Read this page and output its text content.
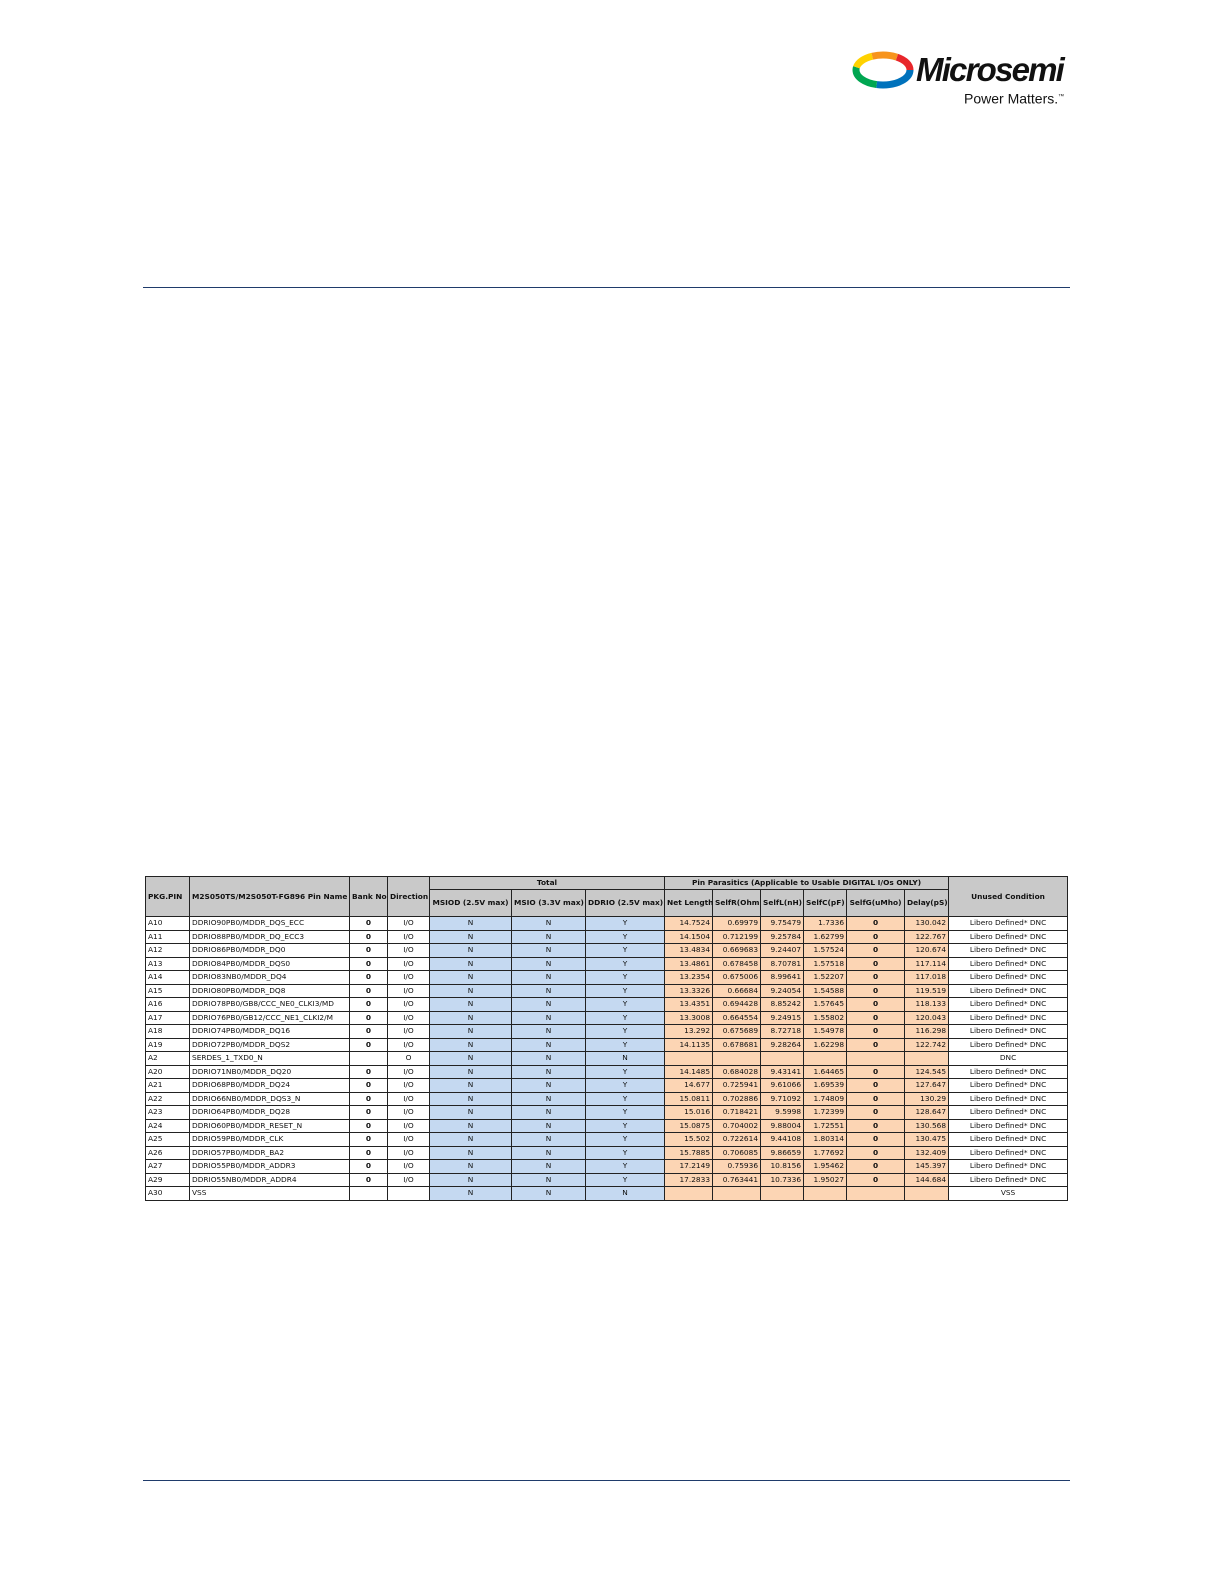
Microsemi
Power Matters.™
PKG.PIN	M2S050TS/M2S050T-FG896 Pin Name	Bank No	Direction	Total			Pin Parasitics (Applicable to Usable DIGITAL I/Os ONLY)						Unused Condition
				MSIOD (2.5V max)	MSIO (3.3V max)	DDRIO (2.5V max)	Net Length	SelfR(Ohm	SelfL(nH)	SelfC(pF)	SelfG(uMho)	Delay(pS)	
A10	DDRIO90PB0/MDDR_DQS_ECC	0	I/O	N	N	Y	14.7524	0.69979	9.75479	1.7336	0	130.042	Libero Defined* DNC
A11	DDRIO88PB0/MDDR_DQ_ECC3	0	I/O	N	N	Y	14.1504	0.712199	9.25784	1.62799	0	122.767	Libero Defined* DNC
A12	DDRIO86PB0/MDDR_DQ0	0	I/O	N	N	Y	13.4834	0.669683	9.24407	1.57524	0	120.674	Libero Defined* DNC
A13	DDRIO84PB0/MDDR_DQS0	0	I/O	N	N	Y	13.4861	0.678458	8.70781	1.57518	0	117.114	Libero Defined* DNC
A14	DDRIO83NB0/MDDR_DQ4	0	I/O	N	N	Y	13.2354	0.675006	8.99641	1.52207	0	117.018	Libero Defined* DNC
A15	DDRIO80PB0/MDDR_DQ8	0	I/O	N	N	Y	13.3326	0.66684	9.24054	1.54588	0	119.519	Libero Defined* DNC
A16	DDRIO78PB0/GB8/CCC_NE0_CLKI3/MD	0	I/O	N	N	Y	13.4351	0.694428	8.85242	1.57645	0	118.133	Libero Defined* DNC
A17	DDRIO76PB0/GB12/CCC_NE1_CLKI2/M	0	I/O	N	N	Y	13.3008	0.664554	9.24915	1.55802	0	120.043	Libero Defined* DNC
A18	DDRIO74PB0/MDDR_DQ16	0	I/O	N	N	Y	13.292	0.675689	8.72718	1.54978	0	116.298	Libero Defined* DNC
A19	DDRIO72PB0/MDDR_DQS2	0	I/O	N	N	Y	14.1135	0.678681	9.28264	1.62298	0	122.742	Libero Defined* DNC
A2	SERDES_1_TXD0_N		O	N	N	N							DNC
A20	DDRIO71NB0/MDDR_DQ20	0	I/O	N	N	Y	14.1485	0.684028	9.43141	1.64465	0	124.545	Libero Defined* DNC
A21	DDRIO68PB0/MDDR_DQ24	0	I/O	N	N	Y	14.677	0.725941	9.61066	1.69539	0	127.647	Libero Defined* DNC
A22	DDRIO66NB0/MDDR_DQS3_N	0	I/O	N	N	Y	15.0811	0.702886	9.71092	1.74809	0	130.29	Libero Defined* DNC
A23	DDRIO64PB0/MDDR_DQ28	0	I/O	N	N	Y	15.016	0.718421	9.5998	1.72399	0	128.647	Libero Defined* DNC
A24	DDRIO60PB0/MDDR_RESET_N	0	I/O	N	N	Y	15.0875	0.704002	9.88004	1.72551	0	130.568	Libero Defined* DNC
A25	DDRIO59PB0/MDDR_CLK	0	I/O	N	N	Y	15.502	0.722614	9.44108	1.80314	0	130.475	Libero Defined* DNC
A26	DDRIO57PB0/MDDR_BA2	0	I/O	N	N	Y	15.7885	0.706085	9.86659	1.77692	0	132.409	Libero Defined* DNC
A27	DDRIO55PB0/MDDR_ADDR3	0	I/O	N	N	Y	17.2149	0.75936	10.8156	1.95462	0	145.397	Libero Defined* DNC
A29	DDRIO55NB0/MDDR_ADDR4	0	I/O	N	N	Y	17.2833	0.763441	10.7336	1.95027	0	144.684	Libero Defined* DNC
A30	VSS			N	N	N							VSS
